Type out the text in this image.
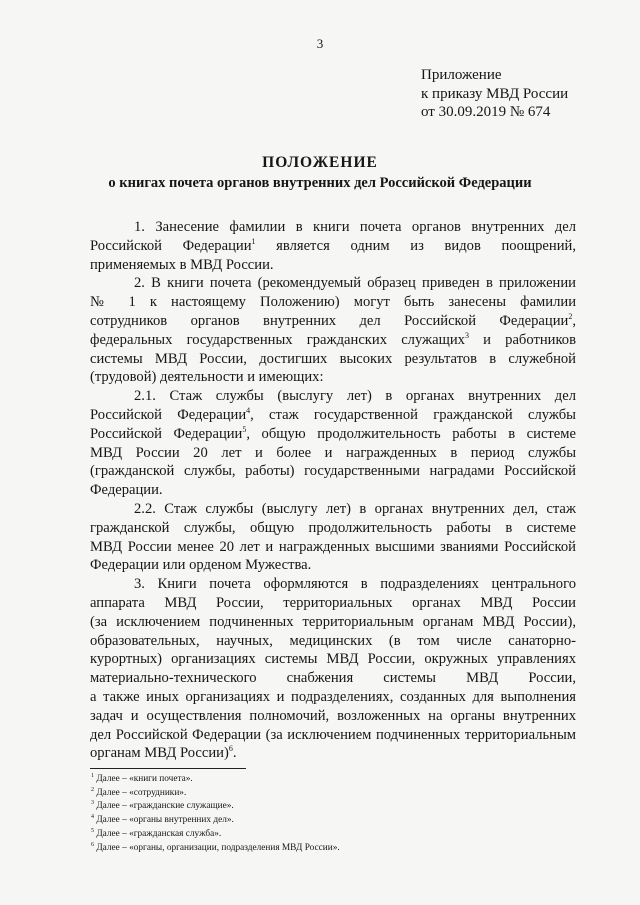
3
Приложение
к приказу МВД России
от 30.09.2019 № 674
ПОЛОЖЕНИЕ
о книгах почета органов внутренних дел Российской Федерации
1. Занесение фамилии в книги почета органов внутренних дел
Российской Федерации$^1$ является одним из видов поощрений,
применяемых в МВД России.
2. В книги почета (рекомендуемый образец приведен в приложении
№ 1 к настоящему Положению) могут быть занесены фамилии
сотрудников органов внутренних дел Российской Федерации$^2$,
федеральных государственных гражданских служащих$^3$ и работников
системы МВД России, достигших высоких результатов в служебной
(трудовой) деятельности и имеющих:
2.1. Стаж службы (выслугу лет) в органах внутренних дел
Российской Федерации$^4$, стаж государственной гражданской службы
Российской Федерации$^5$, общую продолжительность работы в системе
МВД России 20 лет и более и награжденных в период службы
(гражданской службы, работы) государственными наградами Российской
Федерации.
2.2. Стаж службы (выслугу лет) в органах внутренних дел, стаж
гражданской службы, общую продолжительность работы в системе
МВД России менее 20 лет и награжденных высшими званиями Российской
Федерации или орденом Мужества.
3. Книги почета оформляются в подразделениях центрального
аппарата МВД России, территориальных органах МВД России
(за исключением подчиненных территориальным органам МВД России),
образовательных, научных, медицинских (в том числе санаторно-
курортных) организациях системы МВД России, окружных управлениях
материально-технического снабжения системы МВД России,
а также иных организациях и подразделениях, созданных для выполнения
задач и осуществления полномочий, возложенных на органы внутренних
дел Российской Федерации (за исключением подчиненных территориальным
органам МВД России)$^6$.
$^1$ Далее – «книги почета».
$^2$ Далее – «сотрудники».
$^3$ Далее – «гражданские служащие».
$^4$ Далее – «органы внутренних дел».
$^5$ Далее – «гражданская служба».
$^6$ Далее – «органы, организации, подразделения МВД России».
